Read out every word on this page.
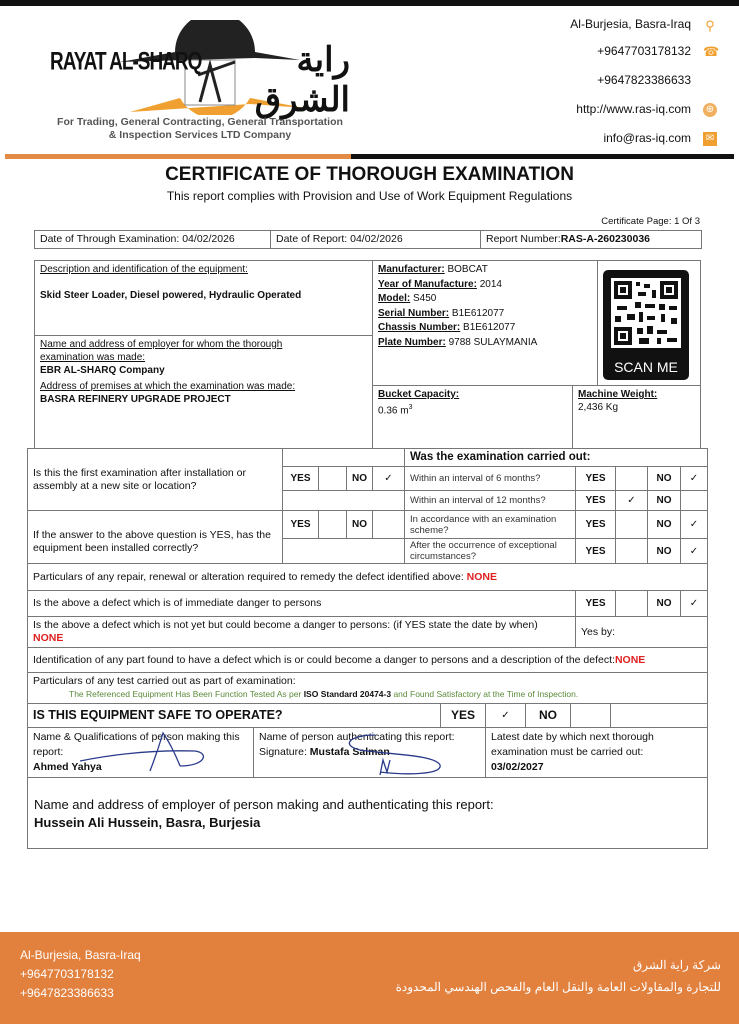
RAYAT AL-SHARQ	راية الشرق
For Trading, General Contracting, General Transportation
& Inspection Services LTD Company
Al-Burjesia, Basra-Iraq ⚲
+9647703178132 ☎
+9647823386633
http://www.ras-iq.com ⊕
info@ras-iq.com ✉
CERTIFICATE OF THOROUGH EXAMINATION
This report complies with Provision and Use of Work Equipment Regulations
Certificate Page: 1 Of 3
Date of Through Examination: 04/02/2026	Date of Report: 04/02/2026	Report Number: RAS-A-260230036
Description and identification of the equipment:
Skid Steer Loader, Diesel powered, Hydraulic Operated
Name and address of employer for whom the thorough examination was made:
EBR AL-SHARQ Company
Address of premises at which the examination was made:
BASRA REFINERY UPGRADE PROJECT
Manufacturer: BOBCAT
Year of Manufacture: 2014
Model: S450
Serial Number: B1E612077
Chassis Number: B1E612077
Plate Number: 9788 SULAYMANIA
SCAN ME
Bucket Capacity:
0.36 $m^3$
Machine Weight:
2,436 Kg
Is this the first examination after installation or assembly at a new site or location?
YES	NO	✓
If the answer to the above question is YES, has the equipment been installed correctly?
YES	NO
Was the examination carried out:
Within an interval of 6 months?	YES	NO	✓
Within an interval of 12 months?	YES	✓	NO
In accordance with an examination scheme?	YES	NO	✓
After the occurrence of exceptional circumstances?	YES	NO	✓
Particulars of any repair, renewal or alteration required to remedy the defect identified above:
NONE
Is the above a defect which is of immediate danger to persons	YES	NO	✓
Is the above a defect which is not yet but could become a danger to persons: (if YES state the date by when) NONE
Yes by:
Identification of any part found to have a defect which is or could become a danger to persons and a description of the defect: NONE
Particulars of any test carried out as part of examination:
The Referenced Equipment Has Been Function Tested As per ISO Standard 20474-3 and Found Satisfactory at the Time of Inspection.
IS THIS EQUIPMENT SAFE TO OPERATE?	YES	✓	NO
Name & Qualifications of person making this report:
Ahmed Yahya
Name of person authenticating this report:
Signature: Mustafa Salman
Latest date by which next thorough examination must be carried out:
03/02/2027
Name and address of employer of person making and authenticating this report:
Hussein Ali Hussein, Basra, Burjesia
Al-Burjesia, Basra-Iraq
+9647703178132
+9647823386633
شركة راية الشرق
للتجارة والمقاولات العامة والنقل العام والفحص الهندسي المحدودة
